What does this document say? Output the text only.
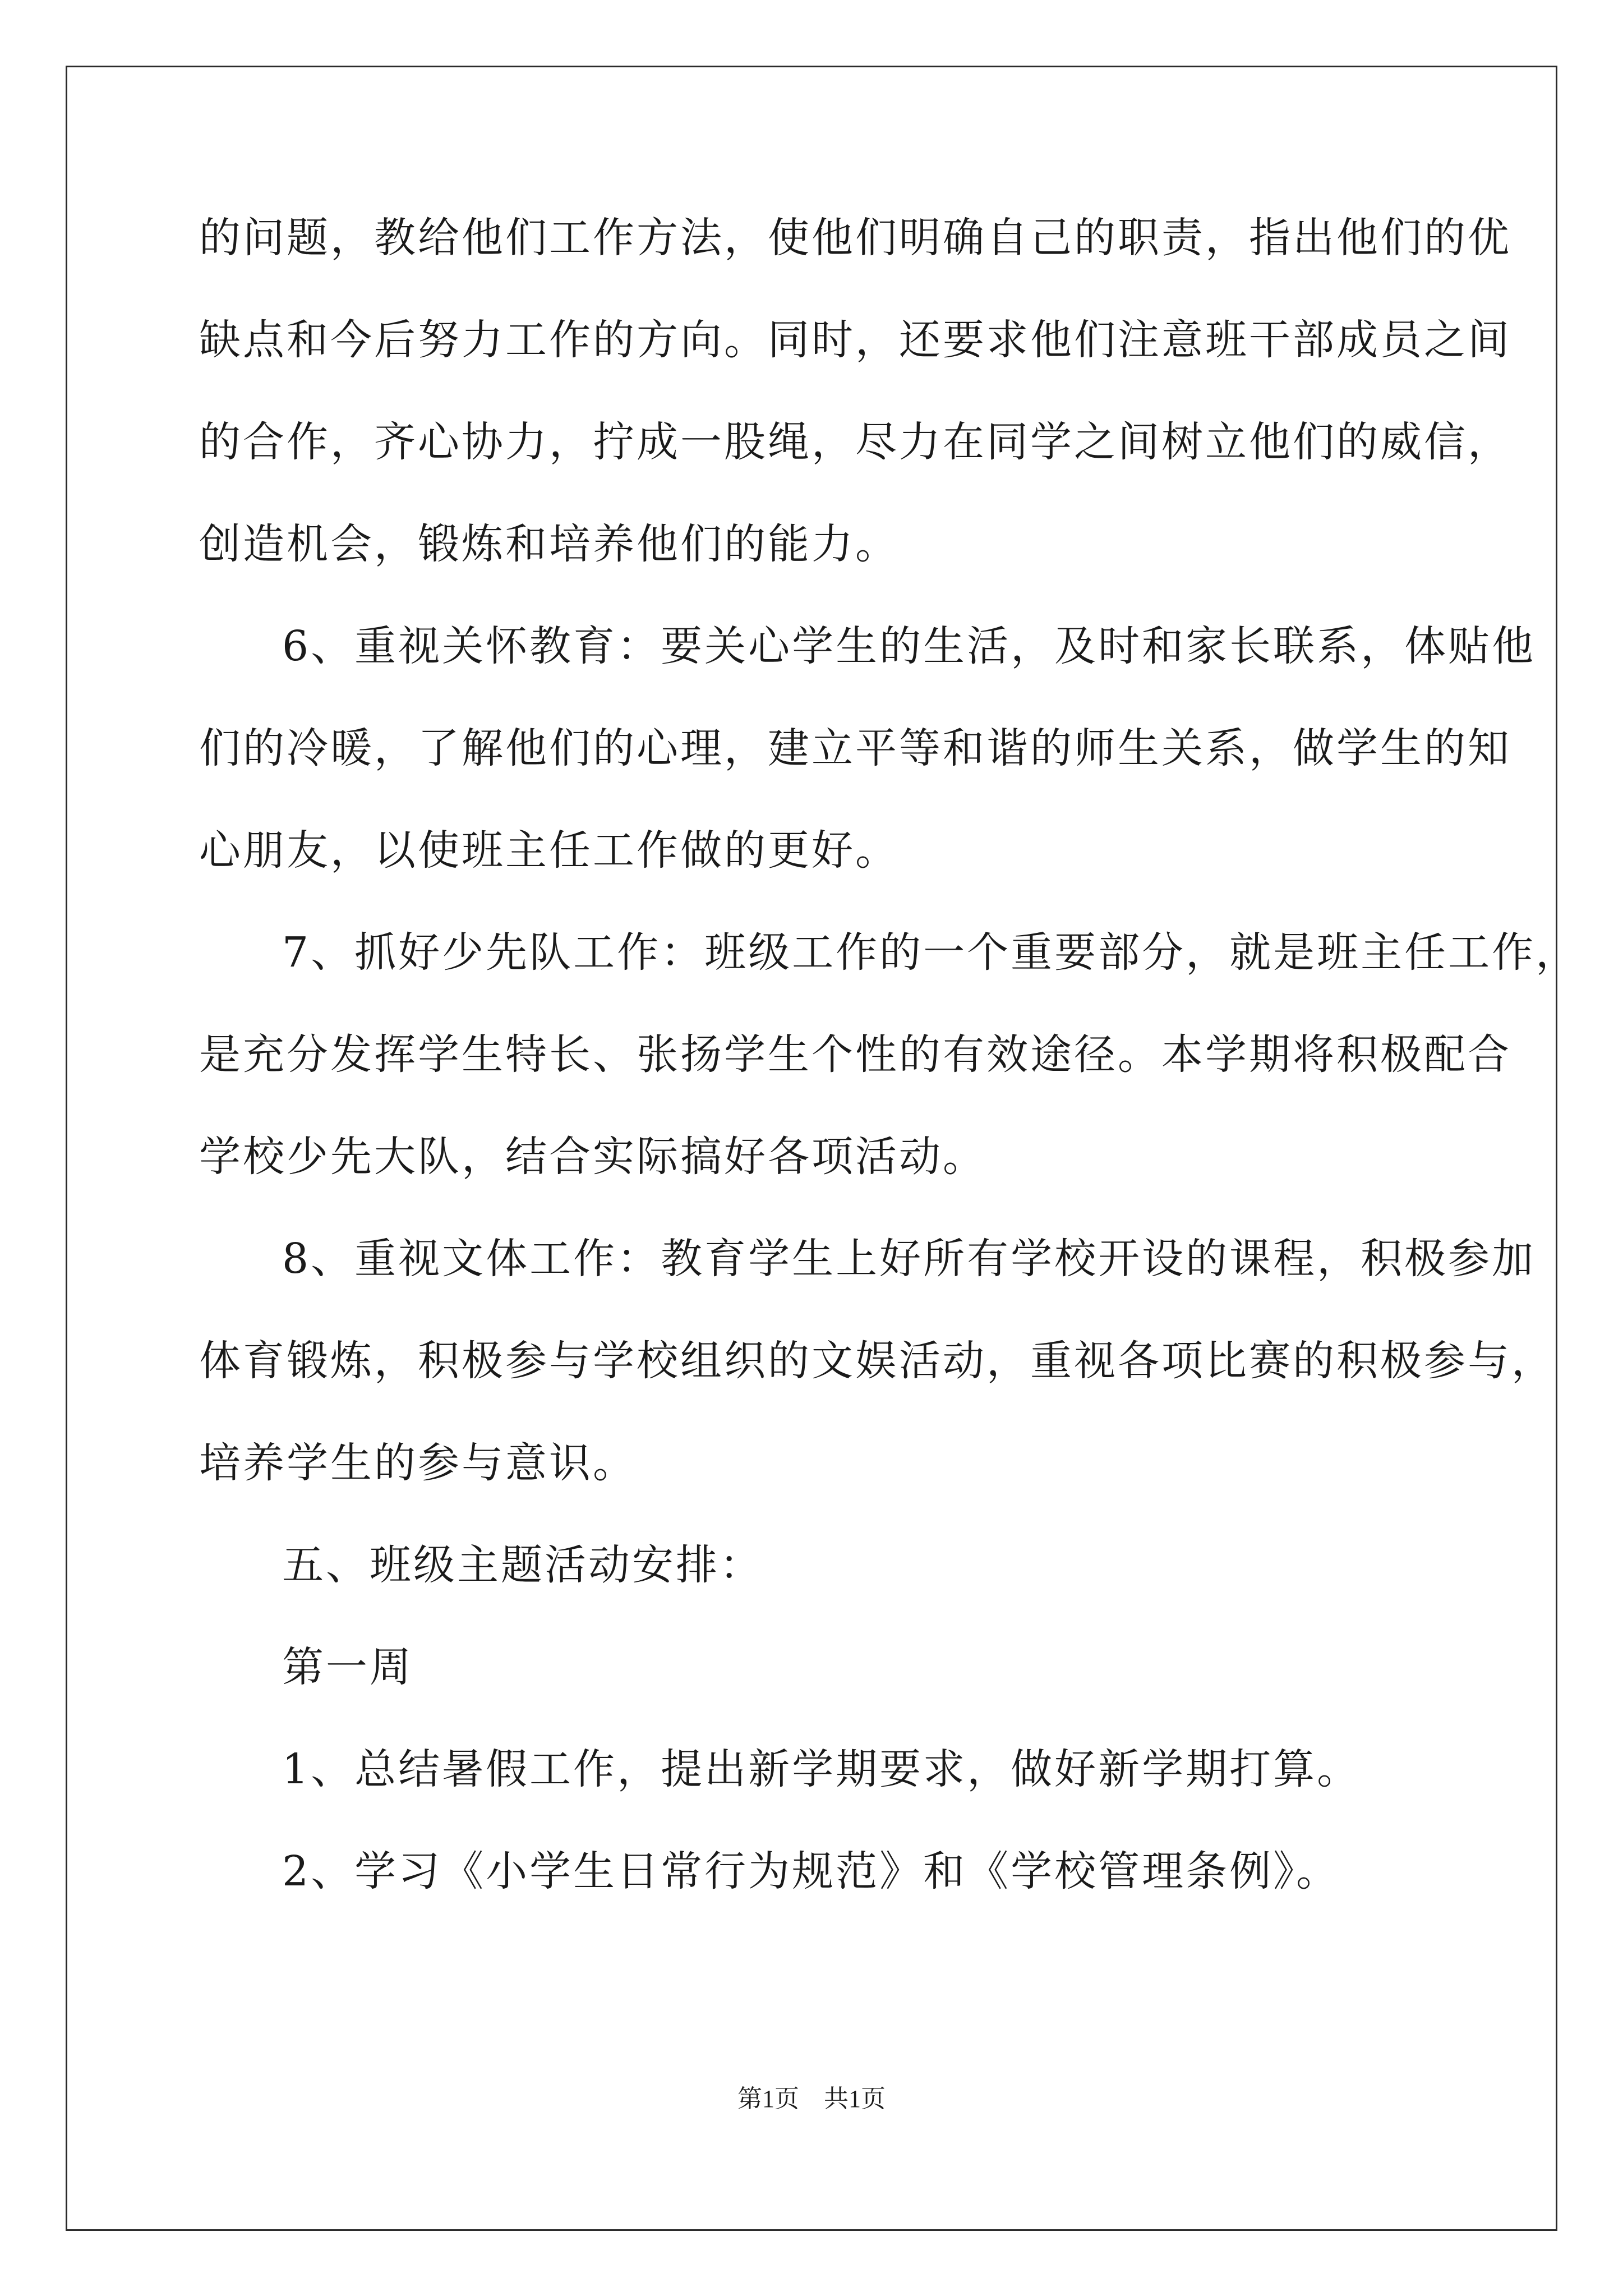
的问题，教给他们工作方法，使他们明确自己的职责，指出他们的优
缺点和今后努力工作的方向。同时，还要求他们注意班干部成员之间
的合作，齐心协力，拧成一股绳，尽力在同学之间树立他们的威信，
创造机会，锻炼和培养他们的能力。
6、重视关怀教育：要关心学生的生活，及时和家长联系，体贴他
们的冷暖，了解他们的心理，建立平等和谐的师生关系，做学生的知
心朋友，以使班主任工作做的更好。
7、抓好少先队工作：班级工作的一个重要部分，就是班主任工作，
是充分发挥学生特长、张扬学生个性的有效途径。本学期将积极配合
学校少先大队，结合实际搞好各项活动。
8、重视文体工作：教育学生上好所有学校开设的课程，积极参加
体育锻炼，积极参与学校组织的文娱活动，重视各项比赛的积极参与，
培养学生的参与意识。
五、班级主题活动安排：
第一周
1、总结暑假工作，提出新学期要求，做好新学期打算。
2、学习《小学生日常行为规范》和《学校管理条例》。
第1页　共1页
